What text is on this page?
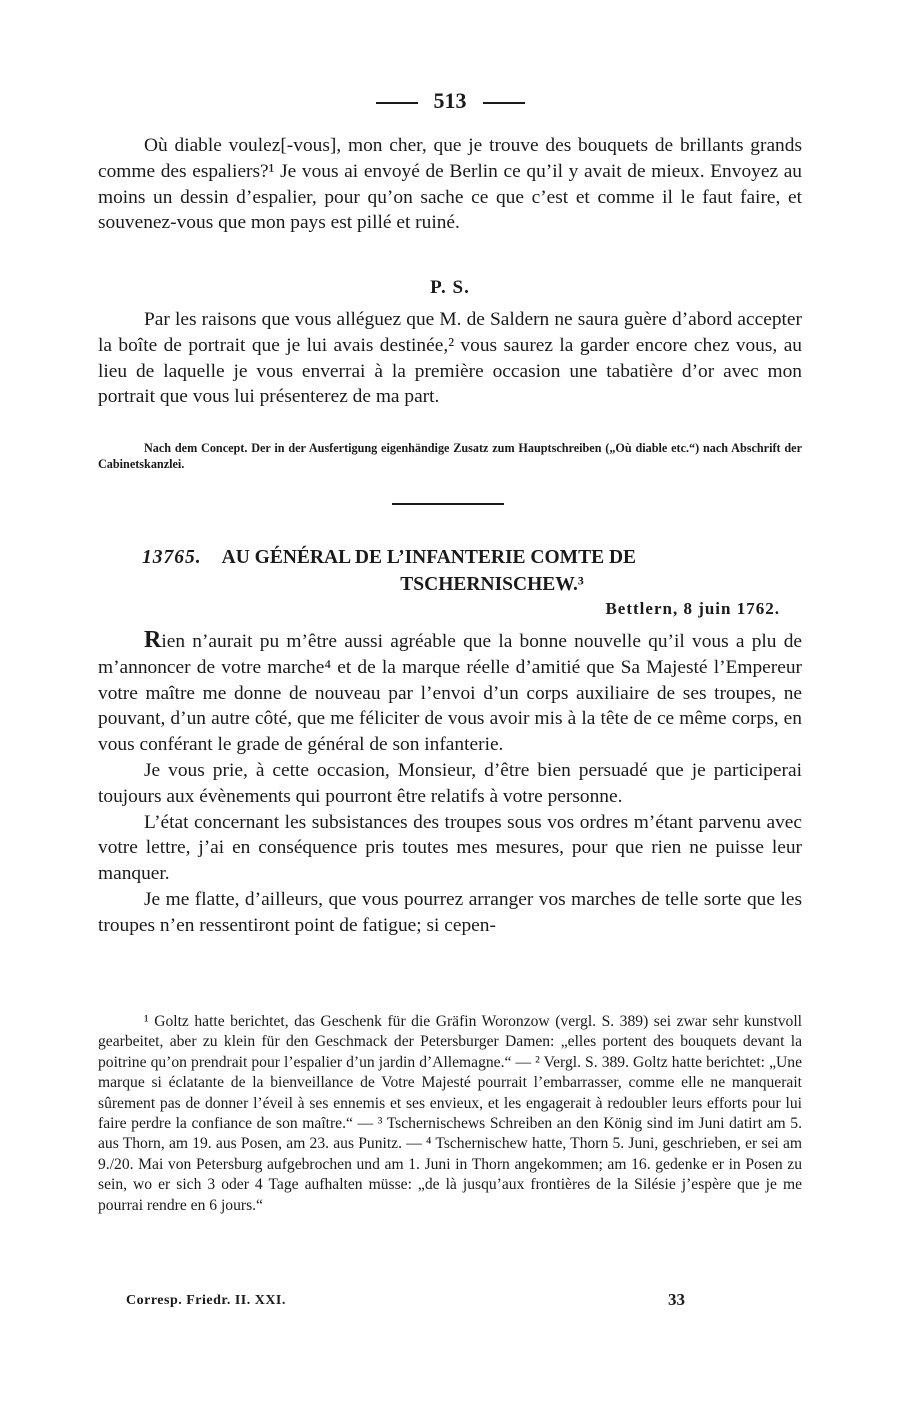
513

Où diable voulez[-vous], mon cher, que je trouve des bouquets de brillants grands comme des espaliers?¹ Je vous ai envoyé de Berlin ce qu’il y avait de mieux. Envoyez au moins un dessin d’espalier, pour qu’on sache ce que c’est et comme il le faut faire, et souvenez-vous que mon pays est pillé et ruiné.

P. S.

Par les raisons que vous alléguez que M. de Saldern ne saura guère d’abord accepter la boîte de portrait que je lui avais destinée,² vous saurez la garder encore chez vous, au lieu de laquelle je vous enverrai à la première occasion une tabatière d’or avec mon portrait que vous lui présenterez de ma part.

Nach dem Concept. Der in der Ausfertigung eigenhändige Zusatz zum Hauptschreiben („Où diable etc.“) nach Abschrift der Cabinetskanzlei.
13765. AU GÉNÉRAL DE L’INFANTERIE COMTE DE
TSCHERNISCHEW.³
Bettlern, 8 juin 1762.

Rien n’aurait pu m’être aussi agréable que la bonne nouvelle qu’il vous a plu de m’annoncer de votre marche⁴ et de la marque réelle d’amitié que Sa Majesté l’Empereur votre maître me donne de nouveau par l’envoi d’un corps auxiliaire de ses troupes, ne pouvant, d’un autre côté, que me féliciter de vous avoir mis à la tête de ce même corps, en vous conférant le grade de général de son infanterie.

Je vous prie, à cette occasion, Monsieur, d’être bien persuadé que je participerai toujours aux évènements qui pourront être relatifs à votre personne.

L’état concernant les subsistances des troupes sous vos ordres m’étant parvenu avec votre lettre, j’ai en conséquence pris toutes mes mesures, pour que rien ne puisse leur manquer.

Je me flatte, d’ailleurs, que vous pourrez arranger vos marches de telle sorte que les troupes n’en ressentiront point de fatigue; si cepen-

¹ Goltz hatte berichtet, das Geschenk für die Gräfin Woronzow (vergl. S. 389) sei zwar sehr kunstvoll gearbeitet, aber zu klein für den Geschmack der Petersburger Damen: „elles portent des bouquets devant la poitrine qu’on prendrait pour l’espalier d’un jardin d’Allemagne.“ — ² Vergl. S. 389. Goltz hatte berichtet: „Une marque si éclatante de la bienveillance de Votre Majesté pourrait l’embarrasser, comme elle ne manquerait sûrement pas de donner l’éveil à ses ennemis et ses envieux, et les engagerait à redoubler leurs efforts pour lui faire perdre la confiance de son maître.“ — ³ Tschernischews Schreiben an den König sind im Juni datirt am 5. aus Thorn, am 19. aus Posen, am 23. aus Punitz. — ⁴ Tschernischew hatte, Thorn 5. Juni, geschrieben, er sei am 9./20. Mai von Petersburg aufgebrochen und am 1. Juni in Thorn angekommen; am 16. gedenke er in Posen zu sein, wo er sich 3 oder 4 Tage aufhalten müsse: „de là jusqu’aux frontières de la Silésie j’espère que je me pourrai rendre en 6 jours.“

Corresp. Friedr. II. XXI.	33
